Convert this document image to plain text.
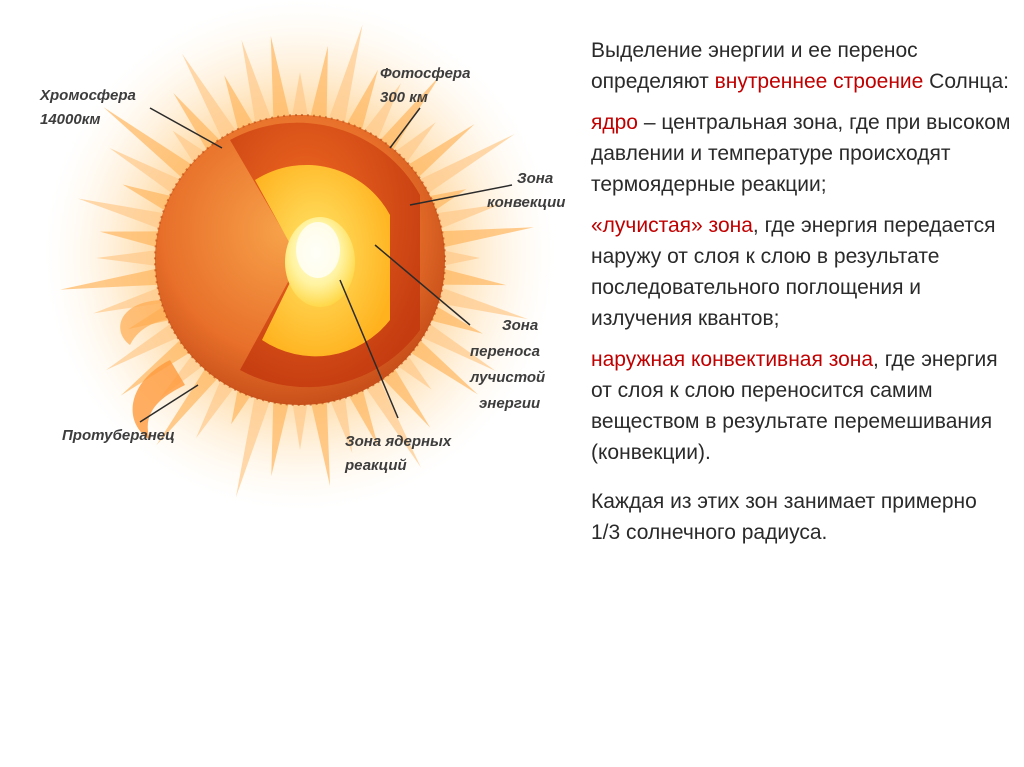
Хромосфера
14000км
Фотосфера
300 км
Зона
конвекции
Зона
переноса
лучистой
энергии
Протуберанец	Зона ядерных
реакций

Выделение энергии и ее перенос определяют внутреннее строение Солнца:

ядро – центральная зона, где при высоком давлении и температуре происходят термоядерные реакции;

«лучистая» зона, где энергия передается наружу от слоя к слою в результате последовательного поглощения и излучения квантов;

наружная конвективная зона, где энергия от слоя к слою переносится самим веществом в результате перемешивания (конвекции).

Каждая из этих зон занимает примерно 1/3 солнечного радиуса.
